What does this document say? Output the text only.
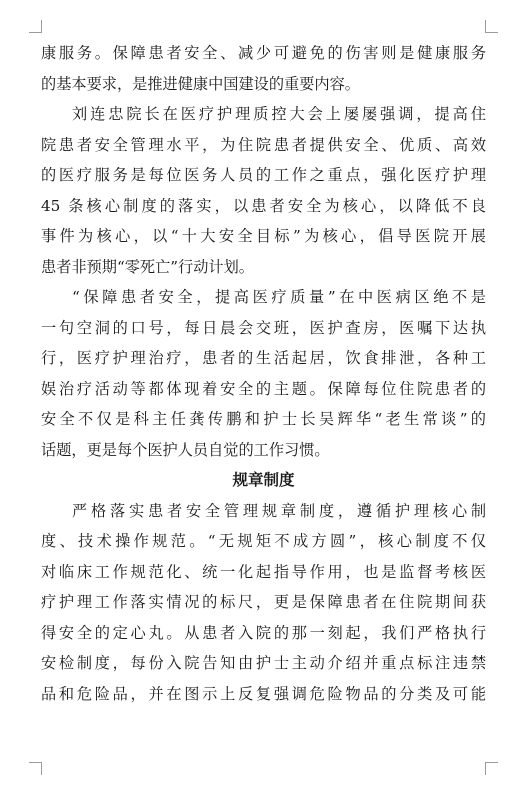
康服务。保障患者安全、减少可避免的伤害则是健康服务
的基本要求，是推进健康中国建设的重要内容。
刘连忠院长在医疗护理质控大会上屡屡强调，提高住
院患者安全管理水平，为住院患者提供安全、优质、高效
的医疗服务是每位医务人员的工作之重点，强化医疗护理
45 条核心制度的落实，以患者安全为核心，以降低不良
事件为核心，以“十大安全目标”为核心，倡导医院开展
患者非预期“零死亡”行动计划。
“保障患者安全，提高医疗质量”在中医病区绝不是
一句空洞的口号，每日晨会交班，医护查房，医嘱下达执
行，医疗护理治疗，患者的生活起居，饮食排泄，各种工
娱治疗活动等都体现着安全的主题。保障每位住院患者的
安全不仅是科主任龚传鹏和护士长吴辉华“老生常谈”的
话题，更是每个医护人员自觉的工作习惯。
规章制度
严格落实患者安全管理规章制度，遵循护理核心制
度、技术操作规范。“无规矩不成方圆”，核心制度不仅
对临床工作规范化、统一化起指导作用，也是监督考核医
疗护理工作落实情况的标尺，更是保障患者在住院期间获
得安全的定心丸。从患者入院的那一刻起，我们严格执行
安检制度，每份入院告知由护士主动介绍并重点标注违禁
品和危险品，并在图示上反复强调危险物品的分类及可能
